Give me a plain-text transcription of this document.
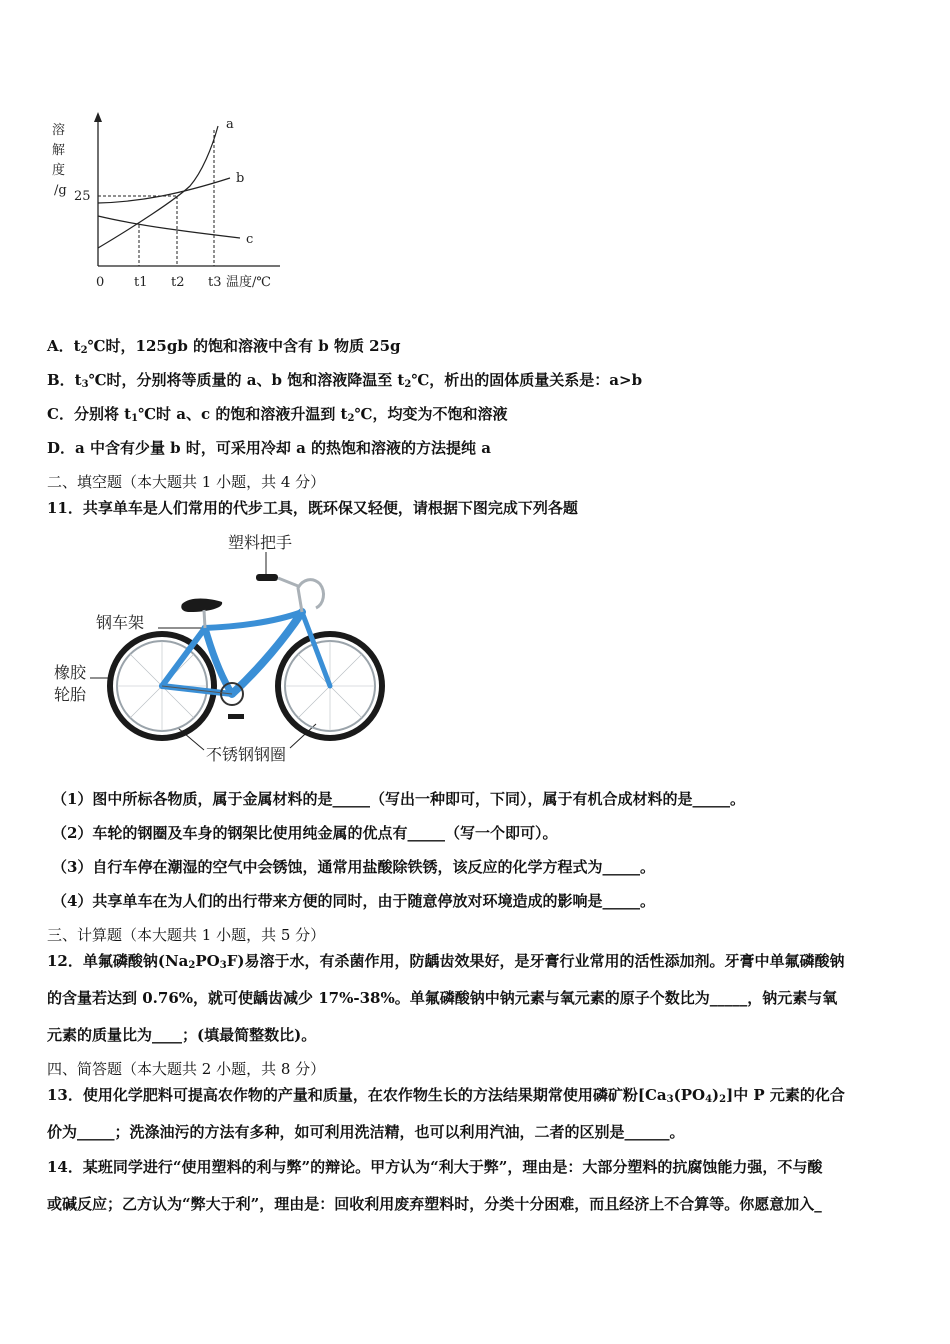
溶
解
度
/g 25
a
b
c
0 t1 t2 t3 温度/℃
A．$t_2℃$时，125gb 的饱和溶液中含有 b 物质 25g
B．$t_3℃$时，分别将等质量的 a、b 饱和溶液降温至 $t_2℃$，析出的固体质量关系是：a>b
C．分别将 $t_1℃$时 a、c 的饱和溶液升温到 $t_2℃$，均变为不饱和溶液
D．a 中含有少量 b 时，可采用冷却 a 的热饱和溶液的方法提纯 a
二、填空题（本大题共 1 小题，共 4 分）
11．共享单车是人们常用的代步工具，既环保又轻便，请根据下图完成下列各题
塑料把手
钢车架
橡胶
轮胎
不锈钢钢圈
（1）图中所标各物质，属于金属材料的是_____（写出一种即可，下同），属于有机合成材料的是_____。
（2）车轮的钢圈及车身的钢架比使用纯金属的优点有_____（写一个即可）。
（3）自行车停在潮湿的空气中会锈蚀，通常用盐酸除铁锈，该反应的化学方程式为_____。
（4）共享单车在为人们的出行带来方便的同时，由于随意停放对环境造成的影响是_____。
三、计算题（本大题共 1 小题，共 5 分）
12．单氟磷酸钠$(Na_2PO_3F)$易溶于水，有杀菌作用，防龋齿效果好，是牙膏行业常用的活性添加剂。牙膏中单氟磷酸钠
的含量若达到 0.76%，就可使龋齿减少 17%-38%。单氟磷酸钠中钠元素与氧元素的原子个数比为_____，钠元素与氧
元素的质量比为____；(填最简整数比)。
四、简答题（本大题共 2 小题，共 8 分）
13．使用化学肥料可提高农作物的产量和质量，在农作物生长的方法结果期常使用磷矿粉$[Ca_3(PO_4)_2]$中 P 元素的化合
价为_____；洗涤油污的方法有多种，如可利用洗洁精，也可以利用汽油，二者的区别是______。
14．某班同学进行“使用塑料的利与弊”的辩论。甲方认为“利大于弊”，理由是：大部分塑料的抗腐蚀能力强，不与酸
或碱反应；乙方认为“弊大于利”，理由是：回收利用废弃塑料时，分类十分困难，而且经济上不合算等。你愿意加入_
